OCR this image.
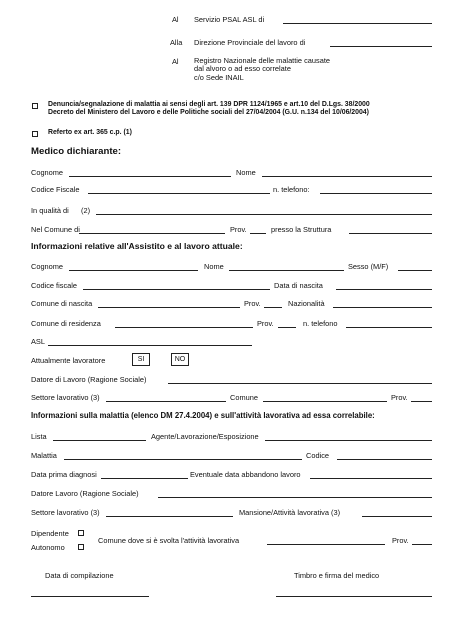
Al Servizio PSAL ASL di
Alla Direzione Provinciale del lavoro di
Al Registro Nazionale delle malattie causate
dal alvoro o ad esso correlate
c/o Sede INAIL
Denuncia/segnalazione di malattia ai sensi degli art. 139 DPR 1124/1965 e art.10 del D.Lgs. 38/2000
Decreto del Ministero del Lavoro e delle Politiche sociali del 27/04/2004 (G.U. n.134 del 10/06/2004)
Referto ex art. 365 c.p. (1)
Medico dichiarante:
Cognome	Nome
Codice Fiscale	n. telefono:
In qualità di (2)
Nel Comune di	Prov.	presso la Struttura
Informazioni relative all'Assistito e al lavoro attuale:
Cognome	Nome	Sesso (M/F)
Codice fiscale	Data di nascita
Comune di nascita	Prov.	Nazionalità
Comune di residenza	Prov.	n. telefono
ASL
Attualmente lavoratore	SI	NO
Datore di Lavoro (Ragione Sociale)
Settore lavorativo (3)	Comune	Prov.
Informazioni sulla malattia (elenco DM 27.4.2004) e sull'attività lavorativa ad essa correlabile:
Lista	Agente/Lavorazione/Esposizione
Malattia	Codice
Data prima diagnosi	Eventuale data abbandono lavoro
Datore Lavoro (Ragione Sociale)
Settore lavorativo (3)	Mansione/Attività lavorativa (3)
Dipendente
Autonomo
Comune dove si è svolta l'attività lavorativa	Prov.
Data di compilazione	Timbro e firma del medico
